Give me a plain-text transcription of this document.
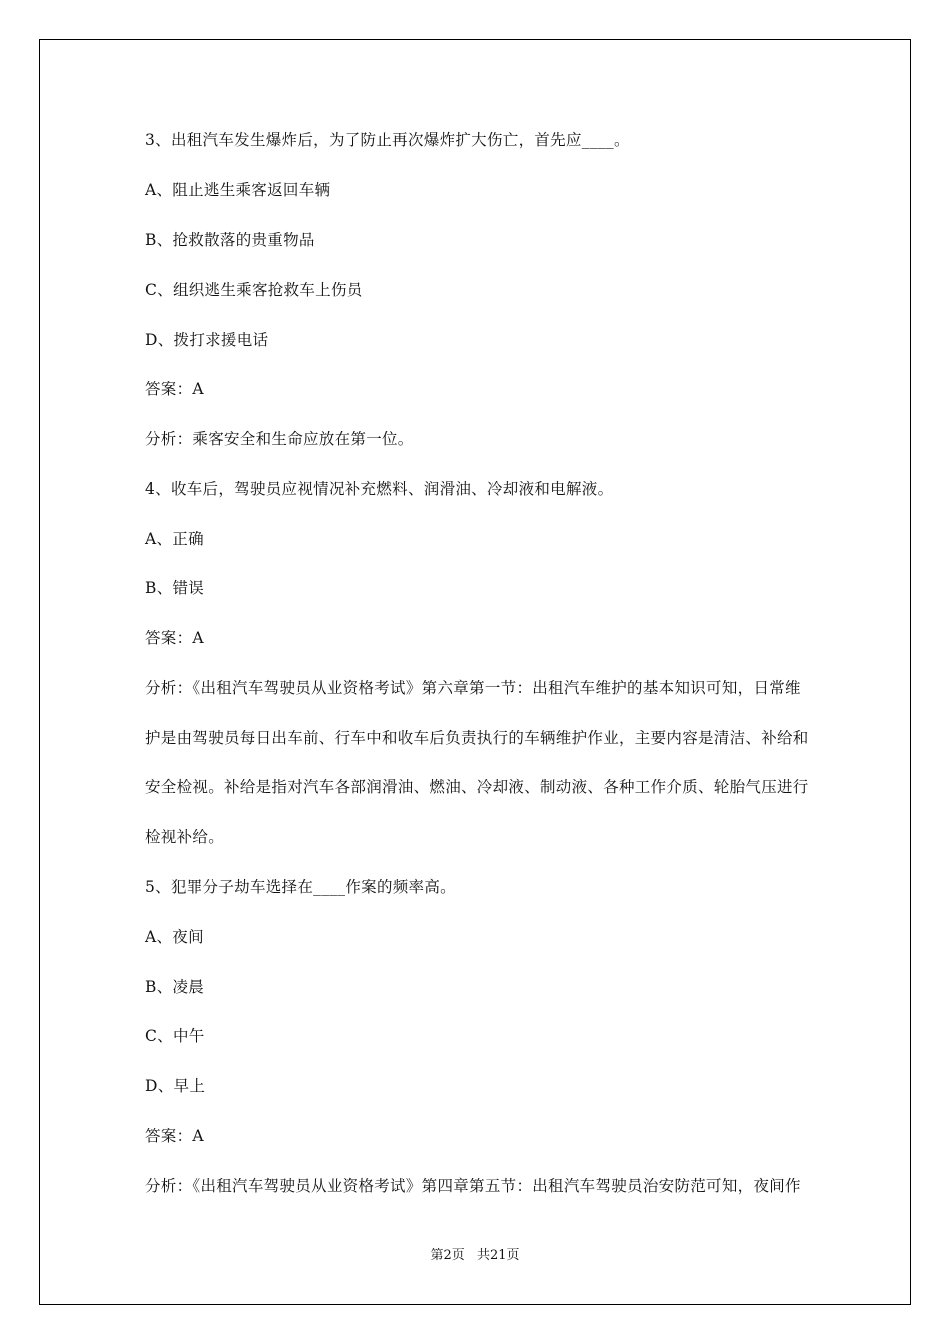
3、出租汽车发生爆炸后，为了防止再次爆炸扩大伤亡，首先应____。
A、阻止逃生乘客返回车辆
B、抢救散落的贵重物品
C、组织逃生乘客抢救车上伤员
D、拨打求援电话
答案：A
分析：乘客安全和生命应放在第一位。
4、收车后，驾驶员应视情况补充燃料、润滑油、冷却液和电解液。
A、正确
B、错误
答案：A
分析：《出租汽车驾驶员从业资格考试》第六章第一节：出租汽车维护的基本知识可知，日常维
护是由驾驶员每日出车前、行车中和收车后负责执行的车辆维护作业，主要内容是清洁、补给和
安全检视。补给是指对汽车各部润滑油、燃油、冷却液、制动液、各种工作介质、轮胎气压进行
检视补给。
5、犯罪分子劫车选择在____作案的频率高。
A、夜间
B、凌晨
C、中午
D、早上
答案：A
分析：《出租汽车驾驶员从业资格考试》第四章第五节：出租汽车驾驶员治安防范可知，夜间作
第2页 共21页
